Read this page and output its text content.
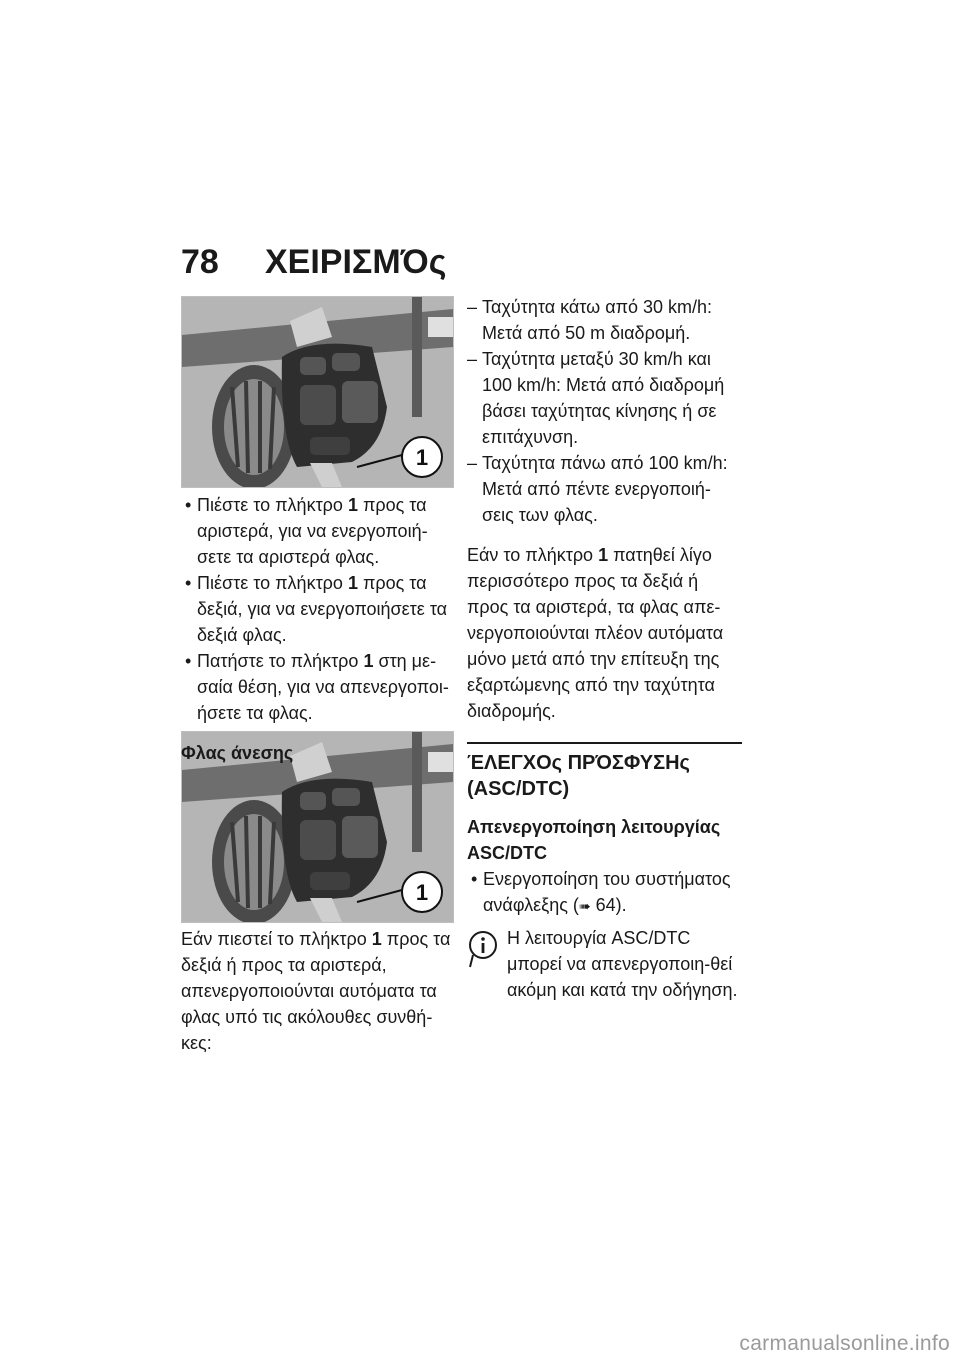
78 ΧΕΙΡΙΣΜΌς
1
1
• Πιέστε το πλήκτρο 1 προς τα αριστερά, για να ενεργοποιή-σετε τα αριστερά φλας.
• Πιέστε το πλήκτρο 1 προς τα δεξιά, για να ενεργοποιήσετε τα δεξιά φλας.
• Πατήστε το πλήκτρο 1 στη με-σαία θέση, για να απενεργοποι-ήσετε τα φλας.
Φλας άνεσης

Εάν πιεστεί το πλήκτρο 1 προς τα δεξιά ή προς τα αριστερά, απενεργοποιούνται αυτόματα τα φλας υπό τις ακόλουθες συνθή-κες:

– Ταχύτητα κάτω από 30 km/h: Μετά από 50 m διαδρομή.
– Ταχύτητα μεταξύ 30 km/h και 100 km/h: Μετά από διαδρομή βάσει ταχύτητας κίνησης ή σε επιτάχυνση.
– Ταχύτητα πάνω από 100 km/h: Μετά από πέντε ενεργοποιή-σεις των φλας.

Εάν το πλήκτρο 1 πατηθεί λίγο περισσότερο προς τα δεξιά ή προς τα αριστερά, τα φλας απε-νεργοποιούνται πλέον αυτόματα μόνο μετά από την επίτευξη της εξαρτώμενης από την ταχύτητα διαδρομής.

ΈΛΕΓΧΟς ΠΡΌΣΦΥΣΗς (ASC/DTC)
Απενεργοποίηση λειτουργίας ASC/DTC
• Ενεργοποίηση του συστήματος ανάφλεξης (➠ 64).
Η λειτουργία ASC/DTC μπορεί να απενεργοποιη-θεί ακόμη και κατά την οδήγηση.
carmanualsonline.info
